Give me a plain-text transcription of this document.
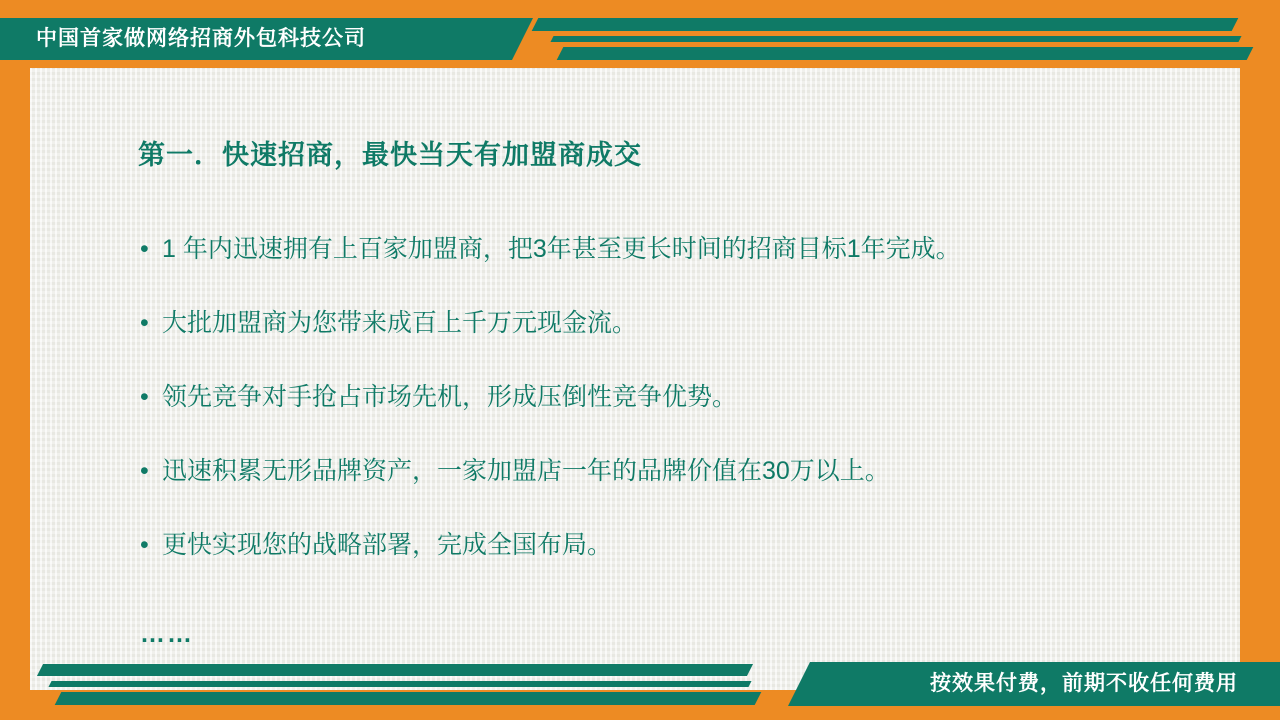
中国首家做网络招商外包科技公司
第一．快速招商，最快当天有加盟商成交
• 1 年内迅速拥有上百家加盟商，把3年甚至更长时间的招商目标1年完成。
• 大批加盟商为您带来成百上千万元现金流。
• 领先竞争对手抢占市场先机，形成压倒性竞争优势。
• 迅速积累无形品牌资产，一家加盟店一年的品牌价值在30万以上。
• 更快实现您的战略部署，完成全国布局。
……
按效果付费，前期不收任何费用
